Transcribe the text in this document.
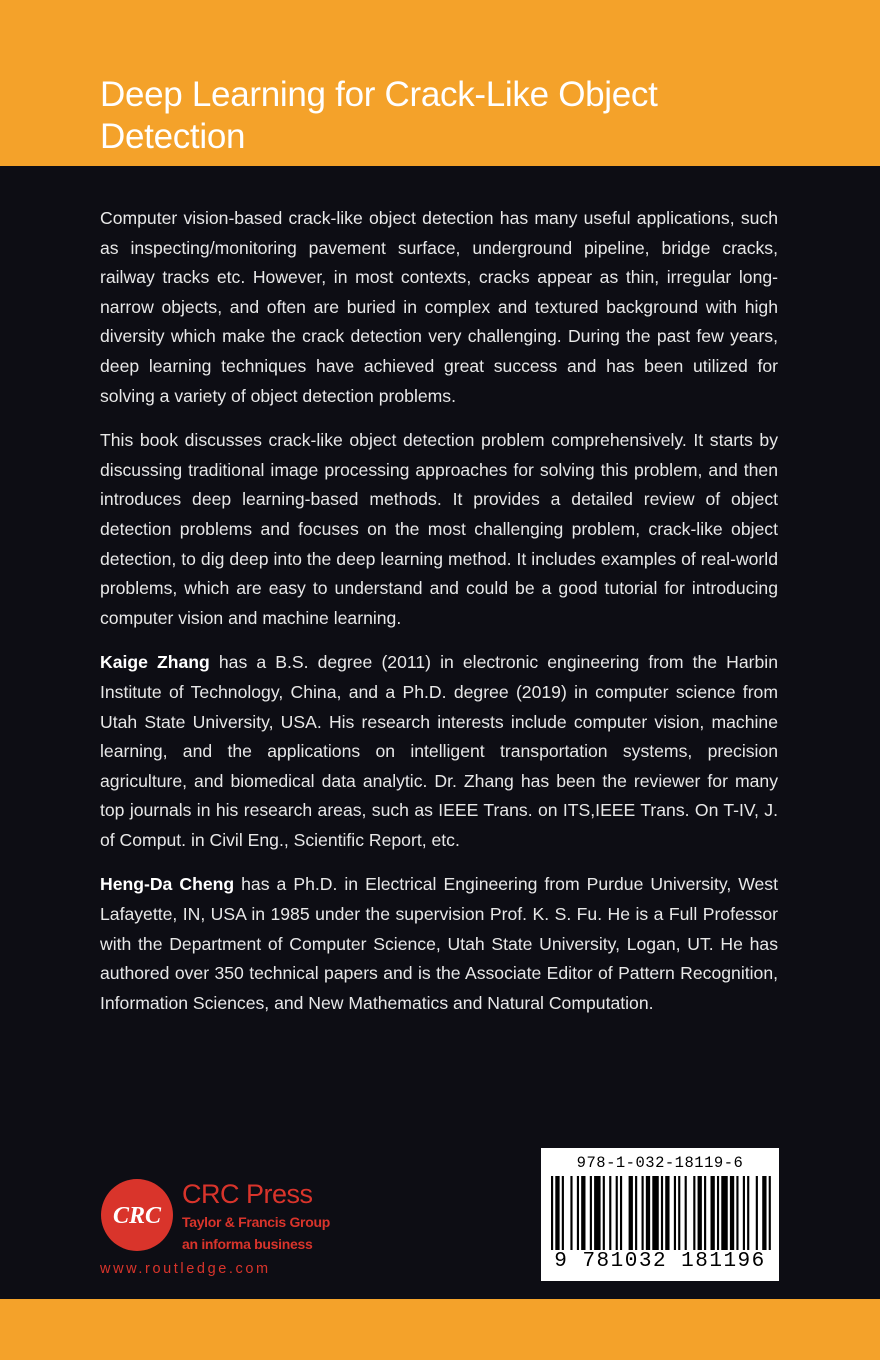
Deep Learning for Crack-Like Object Detection

Computer vision-based crack-like object detection has many useful applications, such as inspecting/monitoring pavement surface, underground pipeline, bridge cracks, railway tracks etc. However, in most contexts, cracks appear as thin, irregular long-narrow objects, and often are buried in complex and textured background with high diversity which make the crack detection very challenging. During the past few years, deep learning techniques have achieved great success and has been utilized for solving a variety of object detection problems.

This book discusses crack-like object detection problem comprehensively. It starts by discussing traditional image processing approaches for solving this problem, and then introduces deep learning-based methods. It provides a detailed review of object detection problems and focuses on the most challenging problem, crack-like object detection, to dig deep into the deep learning method. It includes examples of real-world problems, which are easy to understand and could be a good tutorial for introducing computer vision and machine learning.

Kaige Zhang has a B.S. degree (2011) in electronic engineering from the Harbin Institute of Technology, China, and a Ph.D. degree (2019) in computer science from Utah State University, USA. His research interests include computer vision, machine learning, and the applications on intelligent transportation systems, precision agriculture, and biomedical data analytic. Dr. Zhang has been the reviewer for many top journals in his research areas, such as IEEE Trans. on ITS,IEEE Trans. On T-IV, J. of Comput. in Civil Eng., Scientific Report, etc.

Heng-Da Cheng has a Ph.D. in Electrical Engineering from Purdue University, West Lafayette, IN, USA in 1985 under the supervision Prof. K. S. Fu. He is a Full Professor with the Department of Computer Science, Utah State University, Logan, UT. He has authored over 350 technical papers and is the Associate Editor of Pattern Recognition, Information Sciences, and New Mathematics and Natural Computation.

CRC
CRC Press
Taylor & Francis Group
an informa business
www.routledge.com
978-1-032-18119-6
9 781032 181196
